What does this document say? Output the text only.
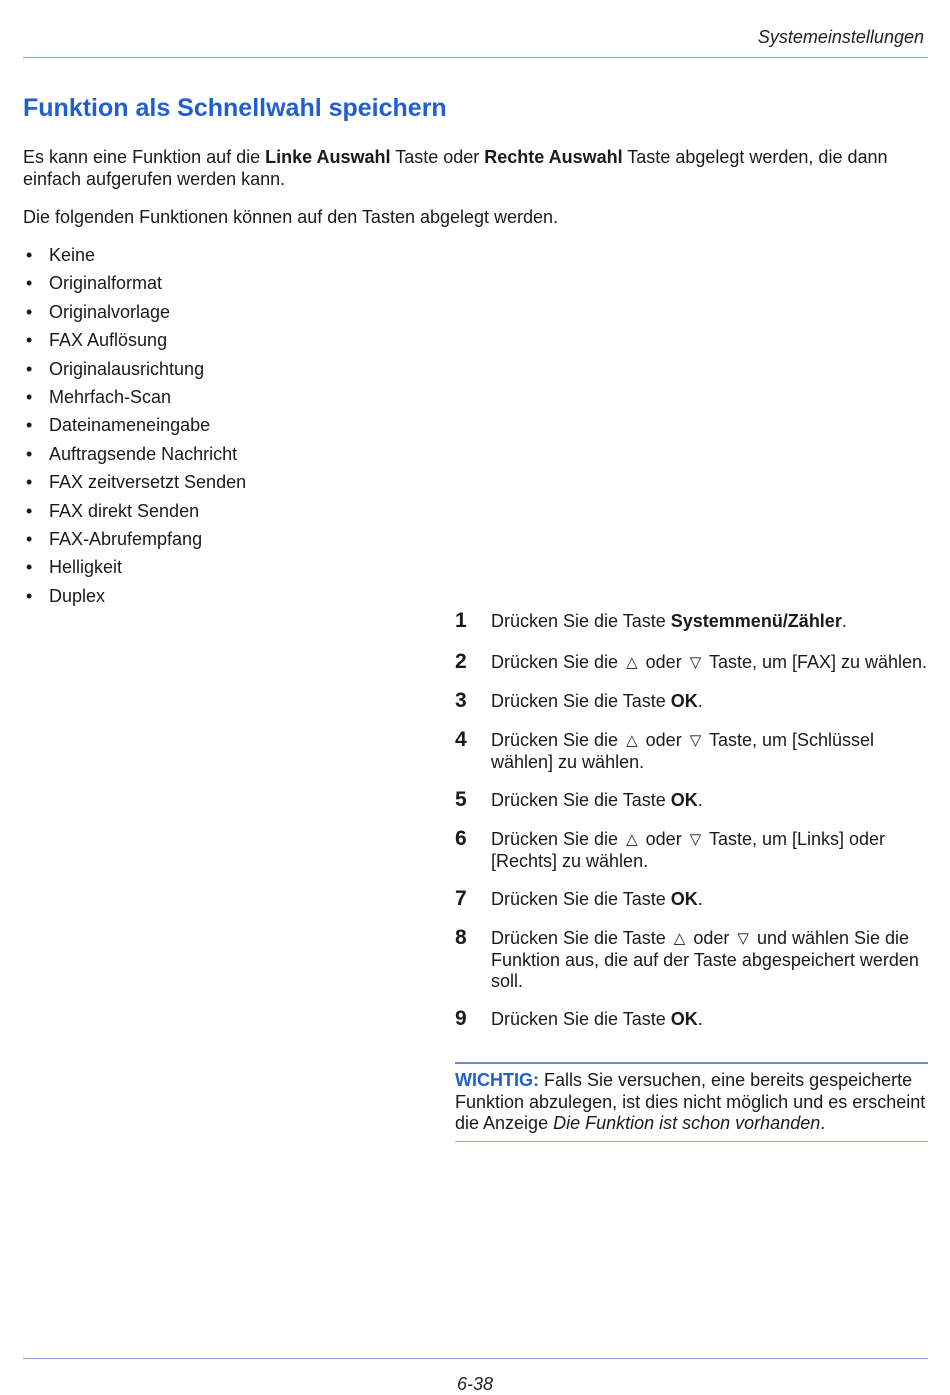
Systemeinstellungen
Funktion als Schnellwahl speichern

Es kann eine Funktion auf die Linke Auswahl Taste oder Rechte Auswahl Taste abgelegt werden, die dann einfach aufgerufen werden kann.

Die folgenden Funktionen können auf den Tasten abgelegt werden.

• Keine
• Originalformat
• Originalvorlage
• FAX Auflösung
• Originalausrichtung
• Mehrfach-Scan
• Dateinameneingabe
• Auftragsende Nachricht
• FAX zeitversetzt Senden
• FAX direkt Senden
• FAX-Abrufempfang
• Helligkeit
• Duplex
1	Drücken Sie die Taste Systemmenü/Zähler.
2	Drücken Sie die △ oder ▽ Taste, um [FAX] zu wählen.
3	Drücken Sie die Taste OK.
4	Drücken Sie die △ oder ▽ Taste, um [Schlüssel wählen] zu wählen.
5	Drücken Sie die Taste OK.
6	Drücken Sie die △ oder ▽ Taste, um [Links] oder [Rechts] zu wählen.
7	Drücken Sie die Taste OK.
8	Drücken Sie die Taste △ oder ▽ und wählen Sie die Funktion aus, die auf der Taste abgespeichert werden soll.
9	Drücken Sie die Taste OK.
WICHTIG: Falls Sie versuchen, eine bereits gespeicherte Funktion abzulegen, ist dies nicht möglich und es erscheint die Anzeige Die Funktion ist schon vorhanden.
6-38
